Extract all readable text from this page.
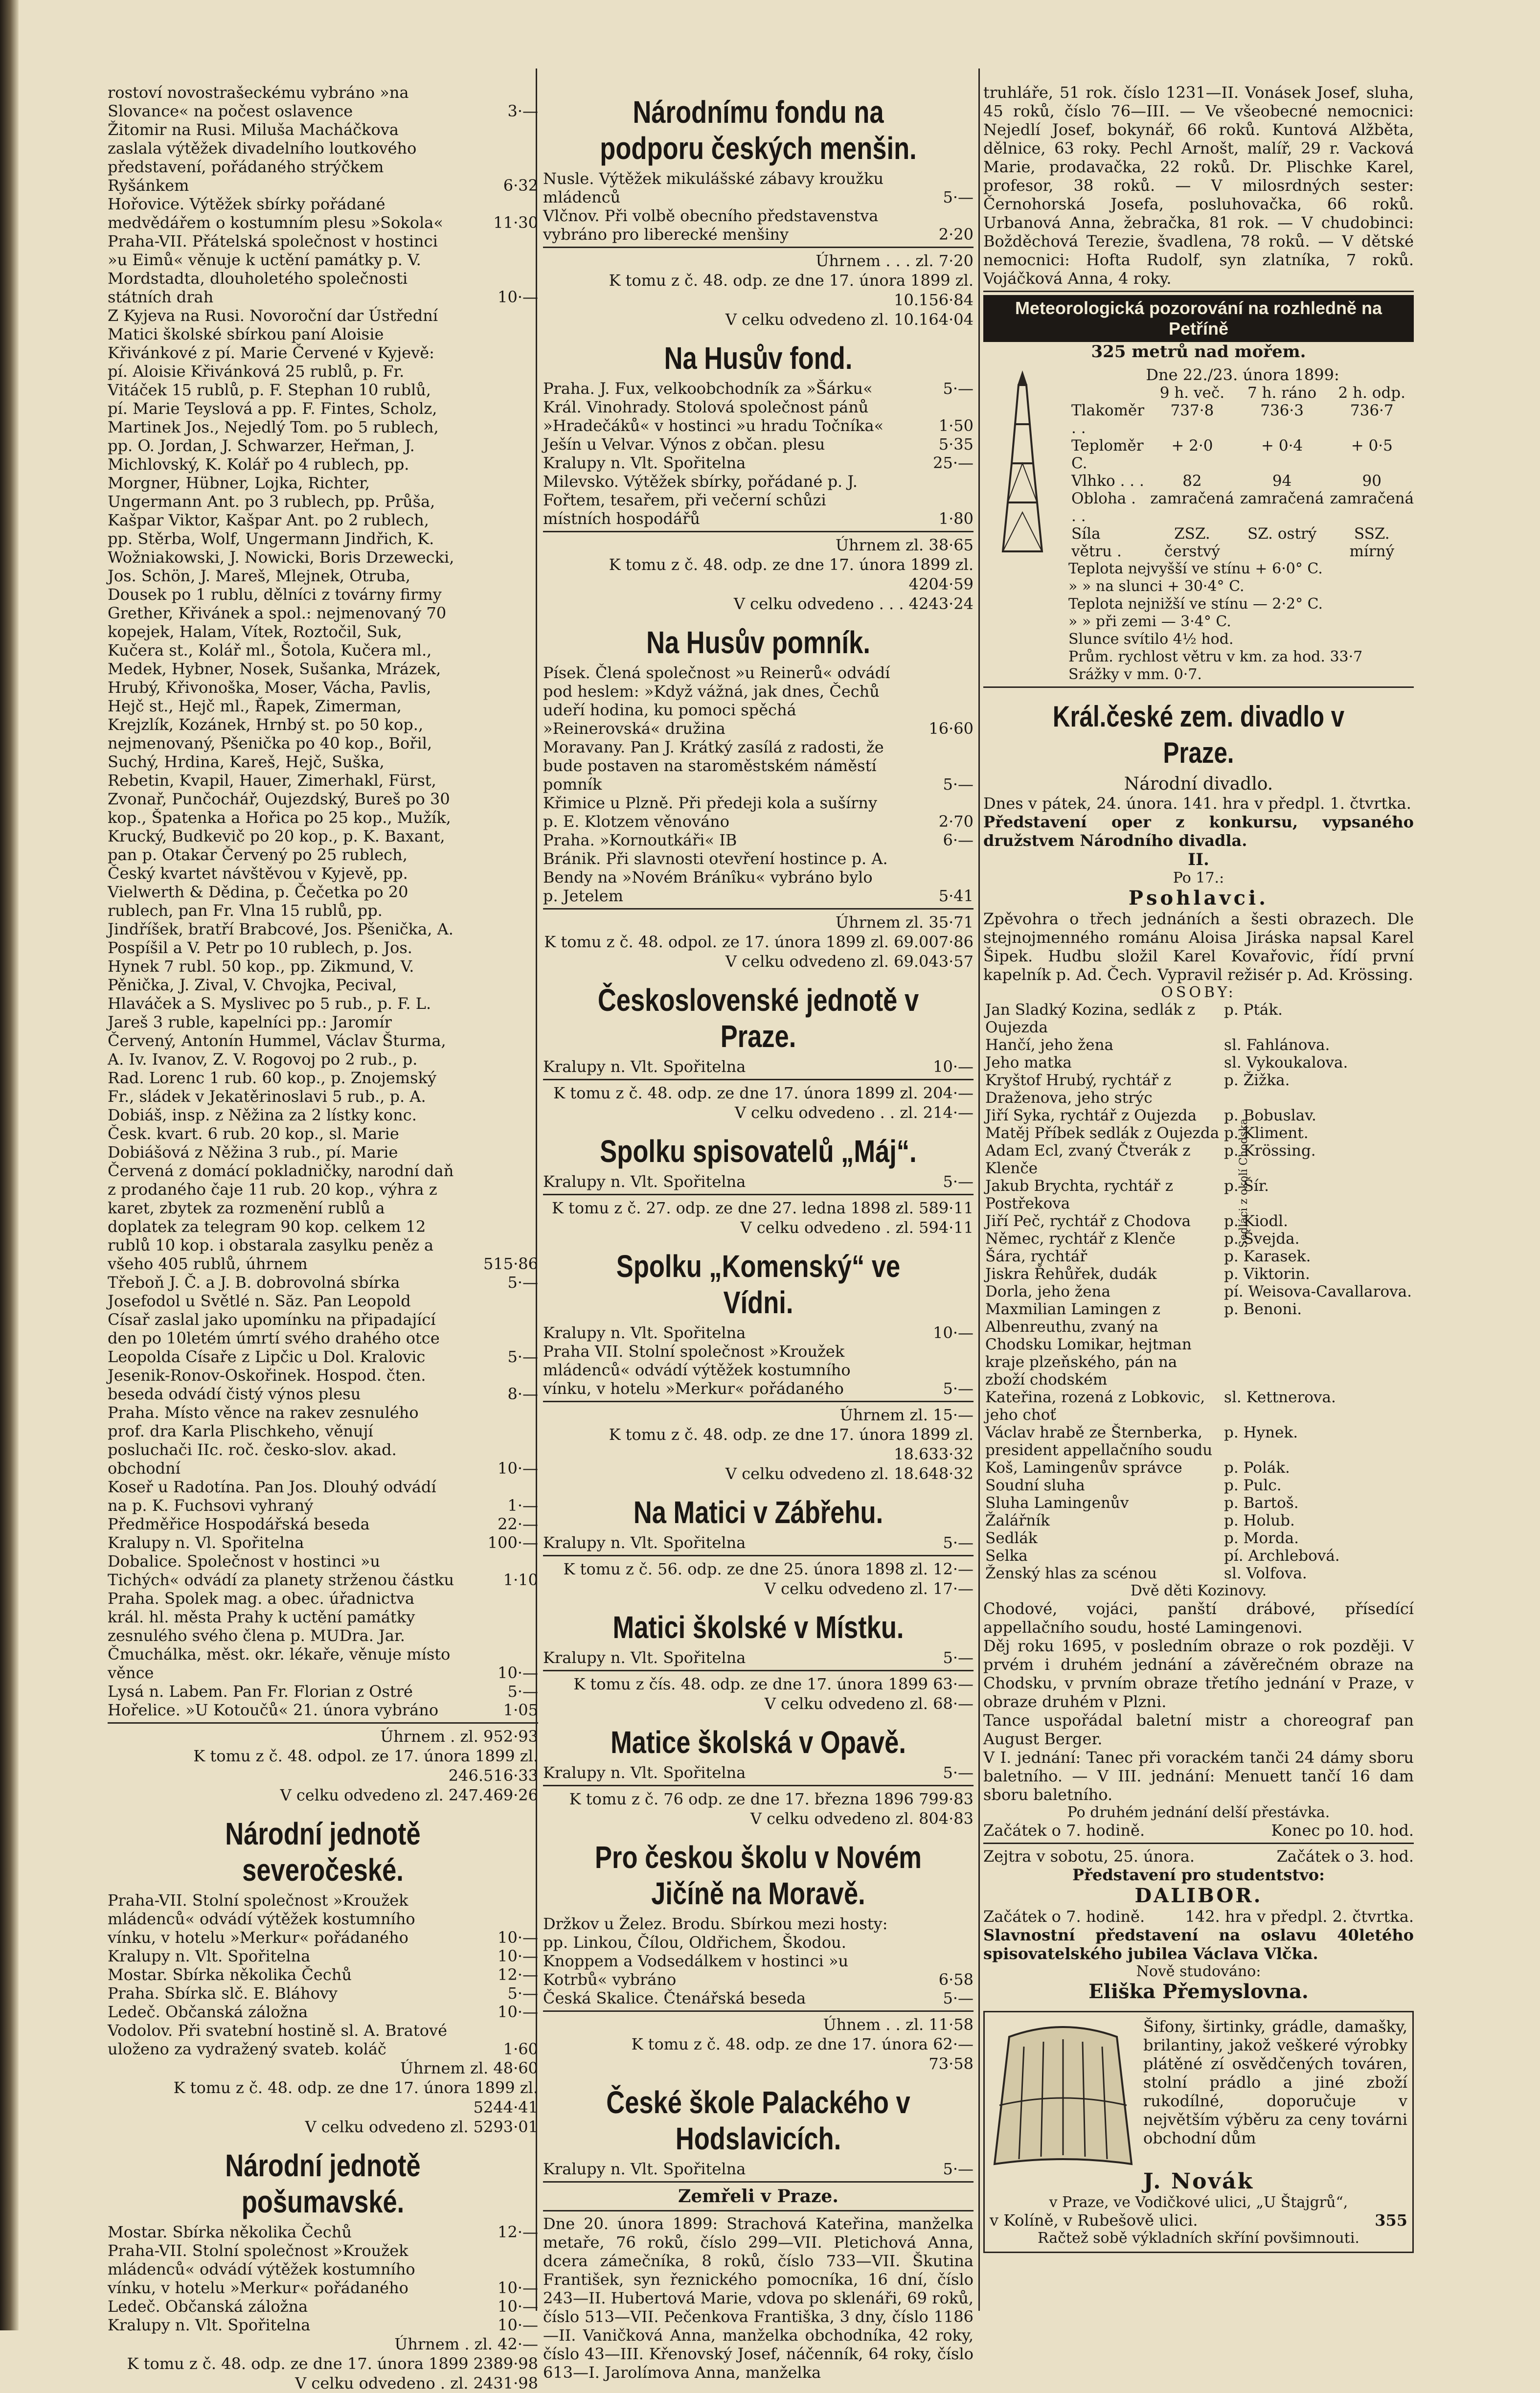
rostoví novostrašeckému vybráno »na Slovance« na počest oslavence	3·—

Žitomir na Rusi. Miluša Macháčkova zaslala výtěžek divadelního loutkového představení, pořádaného strýčkem Ryšánkem	6·32

Hořovice. Výtěžek sbírky pořádané medvědářem o kostumním plesu »Sokola«	11·30

Praha-VII. Přátelská společnost v hostinci »u Eimů« věnuje k uctění památky p. V. Mordstadta, dlouholetého společnosti státních drah	10·—

Z Kyjeva na Rusi. Novoroční dar Ústřední Matici školské sbírkou paní Aloisie Křivánkové z pí. Marie Červené v Kyjevě: pí. Aloisie Křivánková 25 rublů, p. Fr. Vitáček 15 rublů, p. F. Stephan 10 rublů, pí. Marie Teyslová a pp. F. Fintes, Scholz, Martinek Jos., Nejedlý Tom. po 5 rublech, pp. O. Jordan, J. Schwarzer, Heřman, J. Michlovský, K. Kolář po 4 rublech, pp. Morgner, Hübner, Lojka, Richter, Ungermann Ant. po 3 rublech, pp. Průša, Kašpar Viktor, Kašpar Ant. po 2 rublech, pp. Stěrba, Wolf, Ungermann Jindřich, K. Wožniakowski, J. Nowicki, Boris Drzewecki, Jos. Schön, J. Mareš, Mlejnek, Otruba, Dousek po 1 rublu, dělníci z továrny firmy Grether, Křivánek a spol.: nejmenovaný 70 kopejek, Halam, Vítek, Roztočil, Suk, Kučera st., Kolář ml., Šotola, Kučera ml., Medek, Hybner, Nosek, Sušanka, Mrázek, Hrubý, Křivonoška, Moser, Vácha, Pavlis, Hejč st., Hejč ml., Řapek, Zimerman, Krejzlík, Kozánek, Hrnbý st. po 50 kop., nejmenovaný, Pšenička po 40 kop., Bořil, Suchý, Hrdina, Kareš, Hejč, Suška, Rebetin, Kvapil, Hauer, Zimerhakl, Fürst, Zvonař, Punčochář, Oujezdský, Bureš po 30 kop., Špatenka a Hořica po 25 kop., Mužík, Krucký, Budkevič po 20 kop., p. K. Baxant, pan p. Otakar Červený po 25 rublech, Český kvartet návštěvou v Kyjevě, pp. Vielwerth & Dědina, p. Čečetka po 20 rublech, pan Fr. Vlna 15 rublů, pp. Jindříšek, bratří Brabcové, Jos. Pšenička, A. Pospíšil a V. Petr po 10 rublech, p. Jos. Hynek 7 rubl. 50 kop., pp. Zikmund, V. Pěnička, J. Zival, V. Chvojka, Pecival, Hlaváček a S. Myslivec po 5 rub., p. F. L. Jareš 3 ruble, kapelníci pp.: Jaromír Červený, Antonín Hummel, Václav Šturma, A. Iv. Ivanov, Z. V. Rogovoj po 2 rub., p. Rad. Lorenc 1 rub. 60 kop., p. Znojemský Fr., sládek v Jekatěrinoslavi 5 rub., p. A. Dobiáš, insp. z Něžina za 2 lístky konc. Česk. kvart. 6 rub. 20 kop., sl. Marie Dobiášová z Něžina 3 rub., pí. Marie Červená z domácí pokladničky, narodní daň z prodaného čaje 11 rub. 20 kop., výhra z karet, zbytek za rozmenění rublů a doplatek za telegram 90 kop. celkem 12 rublů 10 kop. i obstarala zasylku peněz a všeho 405 rublů, úhrnem	515·86

Třeboň J. Č. a J. B. dobrovolná sbírka	5·—

Josefodol u Světlé n. Săz. Pan Leopold Císař zaslal jako upomínku na připadající den po 10letém úmrtí svého drahého otce Leopolda Císaře z Lipčic u Dol. Kralovic	5·—

Jesenik-Ronov-Oskořinek. Hospod. čten. beseda odvádí čistý výnos plesu	8·—

Praha. Místo věnce na rakev zesnulého prof. dra Karla Plischkeho, věnují posluchači IIc. roč. česko-slov. akad. obchodní	10·—

Koseř u Radotína. Pan Jos. Dlouhý odvádí na p. K. Fuchsovi vyhraný	1·—

Předměřice Hospodářská beseda	22·—

Kralupy n. Vl. Spořitelna	100·—

Dobalice. Společnost v hostinci »u Tichých« odvádí za planety strženou částku	1·10

Praha. Spolek mag. a obec. úřadnictva král. hl. města Prahy k uctění památky zesnulého svého člena p. MUDra. Jar. Čmuchálka, měst. okr. lékaře, věnuje místo věnce	10·—

Lysá n. Labem. Pan Fr. Florian z Ostré	5·—

Hořelice. »U Kotoučů« 21. února vybráno	1·05

Úhrnem . zl. 952·93
K tomu z č. 48. odpol. ze 17. února 1899 zl. 246.516·33
V celku odvedeno zl. 247.469·26
Národní jednotě severočeské.

Praha-VII. Stolní společnost »Kroužek mládenců« odvádí výtěžek kostumního vínku, v hotelu »Merkur« pořádaného	10·—

Kralupy n. Vlt. Spořitelna	10·—

Mostar. Sbírka několika Čechů	12·—

Praha. Sbírka slč. E. Bláhovy	5·—

Ledeč. Občanská záložna	10·—

Vodolov. Při svatební hostině sl. A. Bratové uloženo za vydražený svateb. koláč	1·60

Úhrnem zl. 48·60
K tomu z č. 48. odp. ze dne 17. února 1899 zl. 5244·41
V celku odvedeno zl. 5293·01
Národní jednotě pošumavské.

Mostar. Sbírka několika Čechů	12·—

Praha-VII. Stolní společnost »Kroužek mládenců« odvádí výtěžek kostumního vínku, v hotelu »Merkur« pořádaného	10·—

Ledeč. Občanská záložna	10·—

Kralupy n. Vlt. Spořitelna	10·—

Úhrnem . zl. 42·—
K tomu z č. 48. odp. ze dne 17. února 1899 2389·98
V celku odvedeno . zl. 2431·98
Národnímu fondu na podporu českých menšin.

Nusle. Výtěžek mikulášské zábavy kroužku mládenců	5·—

Vlčnov. Při volbě obecního představenstva vybráno pro liberecké menšiny	2·20

Úhrnem . . . zl. 7·20
K tomu z č. 48. odp. ze dne 17. února 1899 zl. 10.156·84
V celku odvedeno zl. 10.164·04
Na Husův fond.

Praha. J. Fux, velkoobchodník za »Šárku«	5·—

Král. Vinohrady. Stolová společnost pánů »Hradečáků« v hostinci »u hradu Točníka«	1·50

Ješín u Velvar. Výnos z občan. plesu	5·35

Kralupy n. Vlt. Spořitelna	25·—

Milevsko. Výtěžek sbírky, pořádané p. J. Fořtem, tesařem, při večerní schůzi místních hospodářů	1·80

Úhrnem zl. 38·65
K tomu z č. 48. odp. ze dne 17. února 1899 zl. 4204·59
V celku odvedeno . . . 4243·24
Na Husův pomník.

Písek. Člená společnost »u Reinerů« odvádí pod heslem: »Když vážná, jak dnes, Čechů udeří hodina, ku pomoci spěchá »Reinerovská« družina	16·60

Moravany. Pan J. Krátký zasílá z radosti, že bude postaven na staroměstském náměstí pomník	5·—

Křimice u Plzně. Při předeji kola a sušírny p. E. Klotzem věnováno	2·70

Praha. »Kornoutkáři« IB	6·—

Bránik. Při slavnosti otevření hostince p. A. Bendy na »Novém Bránîku« vybráno bylo p. Jetelem	5·41

Úhrnem zl. 35·71
K tomu z č. 48. odpol. ze 17. února 1899 zl. 69.007·86
V celku odvedeno zl. 69.043·57
Československé jednotě v Praze.

Kralupy n. Vlt. Spořitelna	10·—

K tomu z č. 48. odp. ze dne 17. února 1899 zl. 204·—
V celku odvedeno . . zl. 214·—
Spolku spisovatelů „Máj“.

Kralupy n. Vlt. Spořitelna	5·—

K tomu z č. 27. odp. ze dne 27. ledna 1898 zl. 589·11
V celku odvedeno . zl. 594·11
Spolku „Komenský“ ve Vídni.

Kralupy n. Vlt. Spořitelna	10·—

Praha VII. Stolní společnost »Kroužek mládenců« odvádí výtěžek kostumního vínku, v hotelu »Merkur« pořádaného	5·—

Úhrnem zl. 15·—
K tomu z č. 48. odp. ze dne 17. února 1899 zl. 18.633·32
V celku odvedeno zl. 18.648·32
Na Matici v Zábřehu.

Kralupy n. Vlt. Spořitelna	5·—

K tomu z č. 56. odp. ze dne 25. února 1898 zl. 12·—
V celku odvedeno zl. 17·—
Matici školské v Místku.

Kralupy n. Vlt. Spořitelna	5·—

K tomu z čís. 48. odp. ze dne 17. února 1899 63·—
V celku odvedeno zl. 68·—
Matice školská v Opavě.

Kralupy n. Vlt. Spořitelna	5·—

K tomu z č. 76 odp. ze dne 17. března 1896 799·83
V celku odvedeno zl. 804·83
Pro českou školu v Novém Jičíně na Moravě.

Držkov u Želez. Brodu. Sbírkou mezi hosty: pp. Linkou, Čílou, Oldřichem, Škodou. Knoppem a Vodsedálkem v hostinci »u Kotrbů« vybráno	6·58

Česká Skalice. Čtenářská beseda	5·—

Úhnem . . zl. 11·58
K tomu z č. 48. odp. ze dne 17. února 62·—
73·58
České škole Palackého v Hodslavicích.

Kralupy n. Vlt. Spořitelna	5·—

Zemřeli v Praze.

Dne 20. února 1899: Strachová Kateřina, manželka metaře, 76 roků, číslo 299—VII. Pletichová Anna, dcera zámečníka, 8 roků, číslo 733—VII. Škutina František, syn řeznického pomocníka, 16 dní, číslo 243—II. Hubertová Marie, vdova po sklenáři, 69 roků, číslo 513—VII. Pečenkova Františka, 3 dny, číslo 1186—II. Vaničková Anna, manželka obchodníka, 42 roky, číslo 43—III. Křenovský Josef, náčenník, 64 roky, číslo 613—I. Jarolímova Anna, manželka

truhláře, 51 rok. číslo 1231—II. Vonásek Josef, sluha, 45 roků, číslo 76—III. — Ve všeobecné nemocnici: Nejedlí Josef, bokynář, 66 roků. Kuntová Alžběta, dělnice, 63 roky. Pechl Arnošt, malíř, 29 r. Vacková Marie, prodavačka, 22 roků. Dr. Plischke Karel, profesor, 38 roků. — V milosrdných sester: Černohorská Josefa, posluhovačka, 66 roků. Urbanová Anna, žebračka, 81 rok. — V chudobinci: Božděchová Terezie, švadlena, 78 roků. — V dětské nemocnici: Hofta Rudolf, syn zlatníka, 7 roků. Vojáčková Anna, 4 roky.

Meteorologická pozorování na rozhledně na Petříně
325 metrů nad mořem.
Dne 22./23. února 1899:
	9 h. več.	7 h. ráno	2 h. odp.
Tlakoměr . .	737·8	736·3	736·7
Teploměr C.	+ 2·0	+ 0·4	+ 0·5
Vlhko . . .	82	94	90
Obloha . . .	zamračená	zamračená	zamračená
Síla větru .	ZSZ. čerstvý	SZ. ostrý	SSZ. mírný
Teplota nejvyšší ve stínu + 6·0° C.
» » na slunci + 30·4° C.
Teplota nejnižší ve stínu — 2·2° C.
» » při zemi — 3·4° C.
Slunce svítilo 4½ hod.
Prům. rychlost větru v km. za hod. 33·7
Srážky v mm. 0·7.
Král.české zem. divadlo v Praze.
Národní divadlo.

Dnes v pátek, 24. února. 141. hra v předpl. 1. čtvrtka.

Představení oper z konkursu, vypsaného družstvem Národního divadla.

II.
Po 17.:
Psohlavci.

Zpěvohra o třech jednáních a šesti obrazech. Dle stejnojmenného románu Aloisa Jiráska napsal Karel Šipek. Hudbu složil Karel Kovařovic, řídí první kapelník p. Ad. Čech. Vypravil režisér p. Ad. Krössing.

OSOBY:
Jan Sladký Kozina, sedlák z Oujezda	p. Pták.
Hančí, jeho žena	sl. Fahlánova.
Jeho matka	sl. Vykoukalova.
Kryštof Hrubý, rychtář z Draženova, jeho strýc	p. Žižka.
Jiří Syka, rychtář z Oujezda	p. Bobuslav.
Matěj Příbek sedlák z Oujezda	p. Kliment.
Adam Ecl, zvaný Čtverák z Klenče	p. Krössing.
Jakub Brychta, rychtář z Postřekova	p. Šír.
Jiří Peč, rychtář z Chodova	p. Kiodl.
Němec, rychtář z Klenče	p. Švejda.
Šára, rychtář	p. Karasek.
Jiskra Řehůřek, dudák	p. Viktorin.
Dorla, jeho žena	pí. Weisova-Cavallarova.
Maxmilian Lamingen z Albenreuthu, zvaný na Chodsku Lomikar, hejtman kraje plzeňského, pán na zboží chodském	p. Benoni.
Kateřina, rozená z Lobkovic, jeho choť	sl. Kettnerova.
Václav hrabě ze Šternberka, president appellačního soudu	p. Hynek.
Koš, Lamingenův správce	p. Polák.
Soudní sluha	p. Pulc.
Sluha Lamingenův	p. Bartoš.
Žalářník	p. Holub.
Sedlák	p. Morda.
Selka	pí. Archlebová.
Ženský hlas za scénou	sl. Volfova.
Sedláci z okolí Chodska
Dvě děti Kozinovy.

Chodové, vojáci, panští drábové, přísedící appellačního soudu, hosté Lamingenovi.

Děj roku 1695, v posledním obraze o rok později. V prvém i druhém jednání a závěrečném obraze na Chodsku, v prvním obraze třetího jednání v Praze, v obraze druhém v Plzni.

Tance uspořádal baletní mistr a choreograf pan August Berger.

V I. jednání: Tanec při vorackém tanči 24 dámy sboru baletního. — V III. jednání: Menuett tančí 16 dam sboru baletního.

Po druhém jednání delší přestávka.
Začátek o 7. hodině.	Konec po 10. hod.
Zejtra v sobotu, 25. února.	Začátek o 3. hod.
Představení pro studentstvo:
DALIBOR.
Začátek o 7. hodině.	142. hra v předpl. 2. čtvrtka.

Slavnostní představení na oslavu 40letého spisovatelského jubilea Václava Vlčka.

Nově studováno:
Eliška Přemyslovna.

Šifony, širtinky, grádle, damašky, brilantiny, jakož veškeré výrobky plátěné zí osvědčených továren, stolní prádlo a jiné zboží rukodílné, doporučuje v největším výběru za ceny továrni obchodní dům

J. Novák
v Praze, ve Vodičkové ulici, „U Štajgrů“,
v Kolíně, v Rubešově ulici.	355
Račtež sobě výkladních skříní povšimnouti.
